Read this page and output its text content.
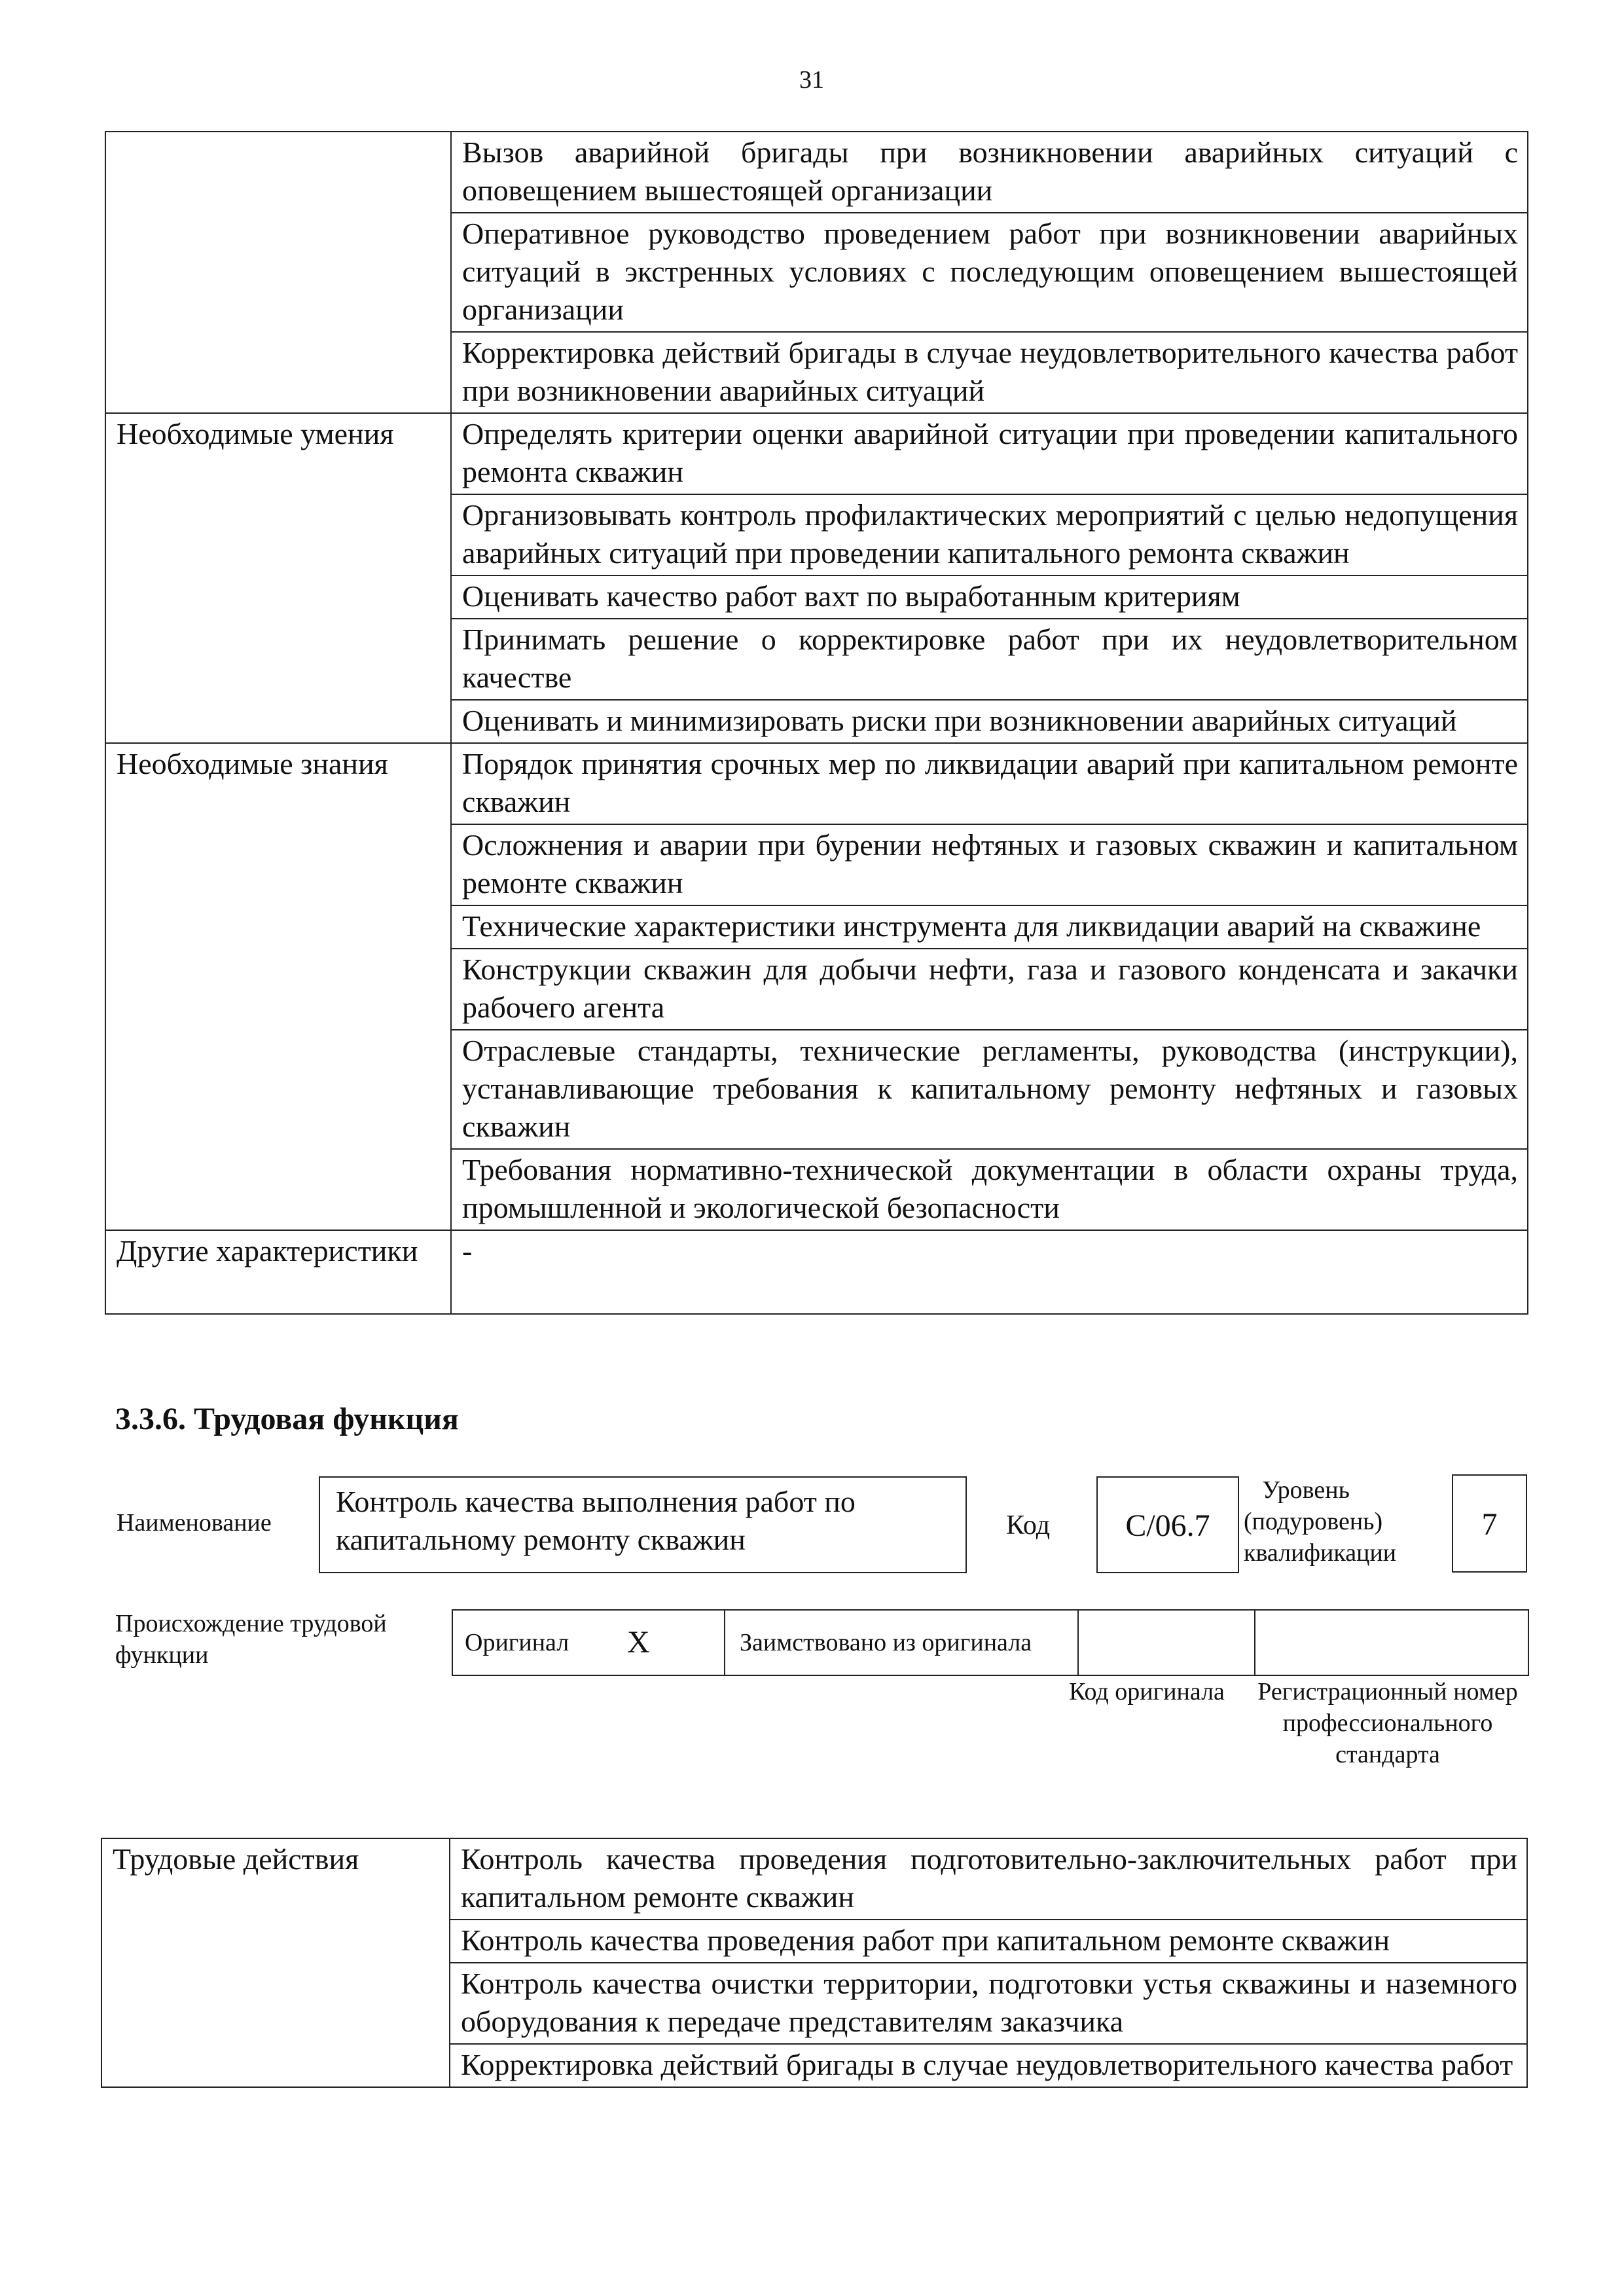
31
	Вызов аварийной бригады при возникновении аварийных ситуаций с оповещением вышестоящей организации
	Оперативное руководство проведением работ при возникновении аварийных ситуаций в экстренных условиях с последующим оповещением вышестоящей организации
	Корректировка действий бригады в случае неудовлетворительного качества работ при возникновении аварийных ситуаций
Необходимые умения	Определять критерии оценки аварийной ситуации при проведении капитального ремонта скважин
	Организовывать контроль профилактических мероприятий с целью недопущения аварийных ситуаций при проведении капитального ремонта скважин
	Оценивать качество работ вахт по выработанным критериям
	Принимать решение о корректировке работ при их неудовлетворительном качестве
	Оценивать и минимизировать риски при возникновении аварийных ситуаций
Необходимые знания	Порядок принятия срочных мер по ликвидации аварий при капитальном ремонте скважин
	Осложнения и аварии при бурении нефтяных и газовых скважин и капитальном ремонте скважин
	Технические характеристики инструмента для ликвидации аварий на скважине
	Конструкции скважин для добычи нефти, газа и газового конденсата и закачки рабочего агента
	Отраслевые стандарты, технические регламенты, руководства (инструкции), устанавливающие требования к капитальному ремонту нефтяных и газовых скважин
	Требования нормативно-технической документации в области охраны труда, промышленной и экологической безопасности
Другие характеристики	-
3.3.6. Трудовая функция
Наименование
Контроль качества выполнения работ по капитальному ремонту скважин	Код	C/06.7
Уровень (подуровень) квалификации
7
Происхождение трудовой функции	Оригинал	X	Заимствовано из оригинала		
Код оригинала	Регистрационный номер профессионального стандарта
Трудовые действия	Контроль качества проведения подготовительно-заключительных работ при капитальном ремонте скважин
Контроль качества проведения работ при капитальном ремонте скважин
Контроль качества очистки территории, подготовки устья скважины и наземного оборудования к передаче представителям заказчика
Корректировка действий бригады в случае неудовлетворительного качества работ
